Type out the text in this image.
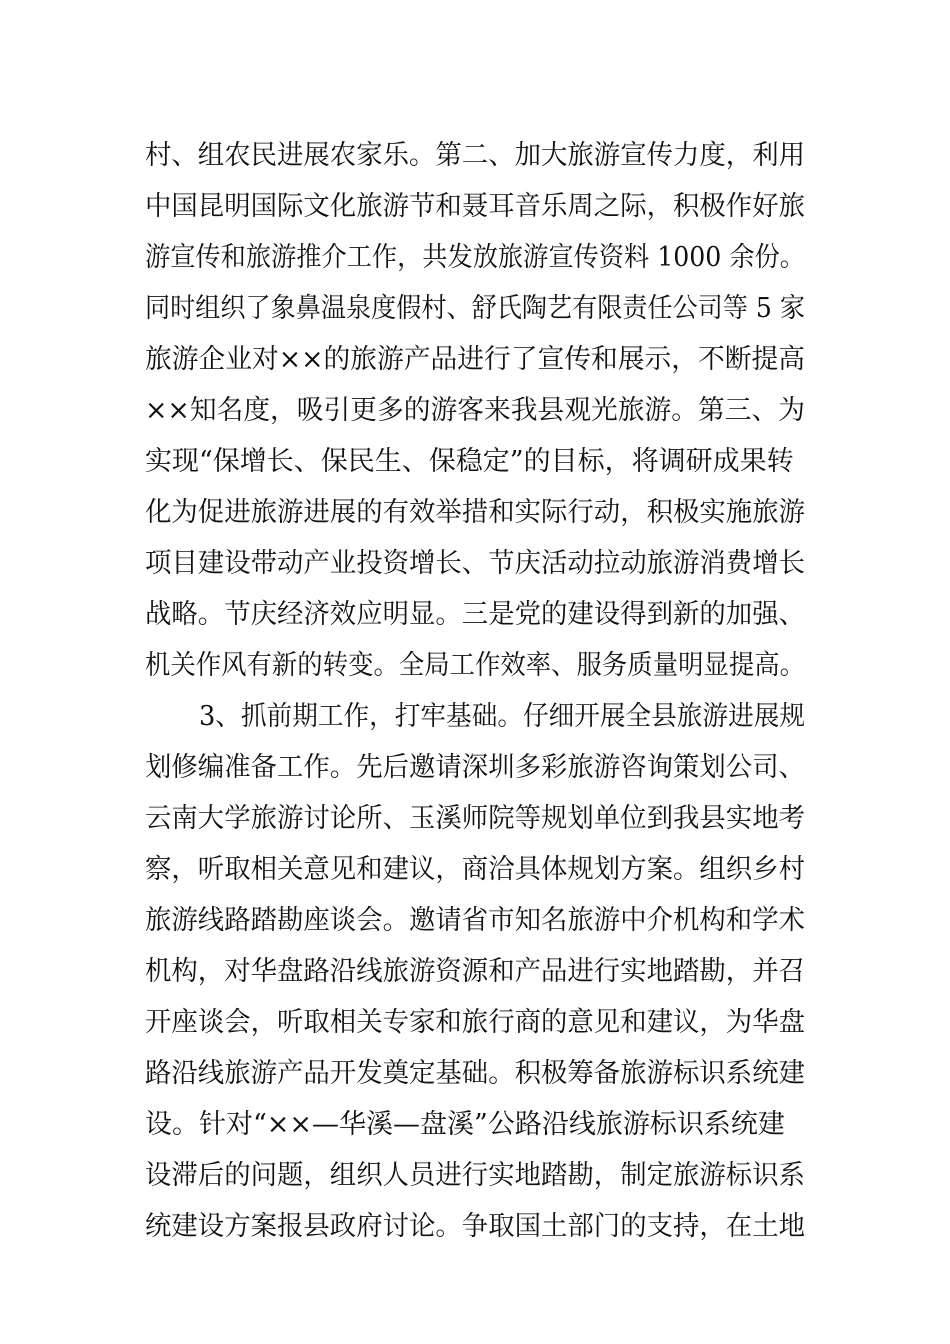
村、组农民进展农家乐。第二、加大旅游宣传力度，利用
中国昆明国际文化旅游节和聂耳音乐周之际，积极作好旅
游宣传和旅游推介工作，共发放旅游宣传资料 1000 余份。
同时组织了象鼻温泉度假村、舒氏陶艺有限责任公司等 5 家
旅游企业对××的旅游产品进行了宣传和展示，不断提高
××知名度，吸引更多的游客来我县观光旅游。第三、为
实现“保增长、保民生、保稳定”的目标，将调研成果转
化为促进旅游进展的有效举措和实际行动，积极实施旅游
项目建设带动产业投资增长、节庆活动拉动旅游消费增长
战略。节庆经济效应明显。三是党的建设得到新的加强、
机关作风有新的转变。全局工作效率、服务质量明显提高。
3、抓前期工作，打牢基础。仔细开展全县旅游进展规
划修编准备工作。先后邀请深圳多彩旅游咨询策划公司、
云南大学旅游讨论所、玉溪师院等规划单位到我县实地考
察，听取相关意见和建议，商洽具体规划方案。组织乡村
旅游线路踏勘座谈会。邀请省市知名旅游中介机构和学术
机构，对华盘路沿线旅游资源和产品进行实地踏勘，并召
开座谈会，听取相关专家和旅行商的意见和建议，为华盘
路沿线旅游产品开发奠定基础。积极筹备旅游标识系统建
设。针对“××—华溪—盘溪”公路沿线旅游标识系统建
设滞后的问题，组织人员进行实地踏勘，制定旅游标识系
统建设方案报县政府讨论。争取国土部门的支持，在土地
